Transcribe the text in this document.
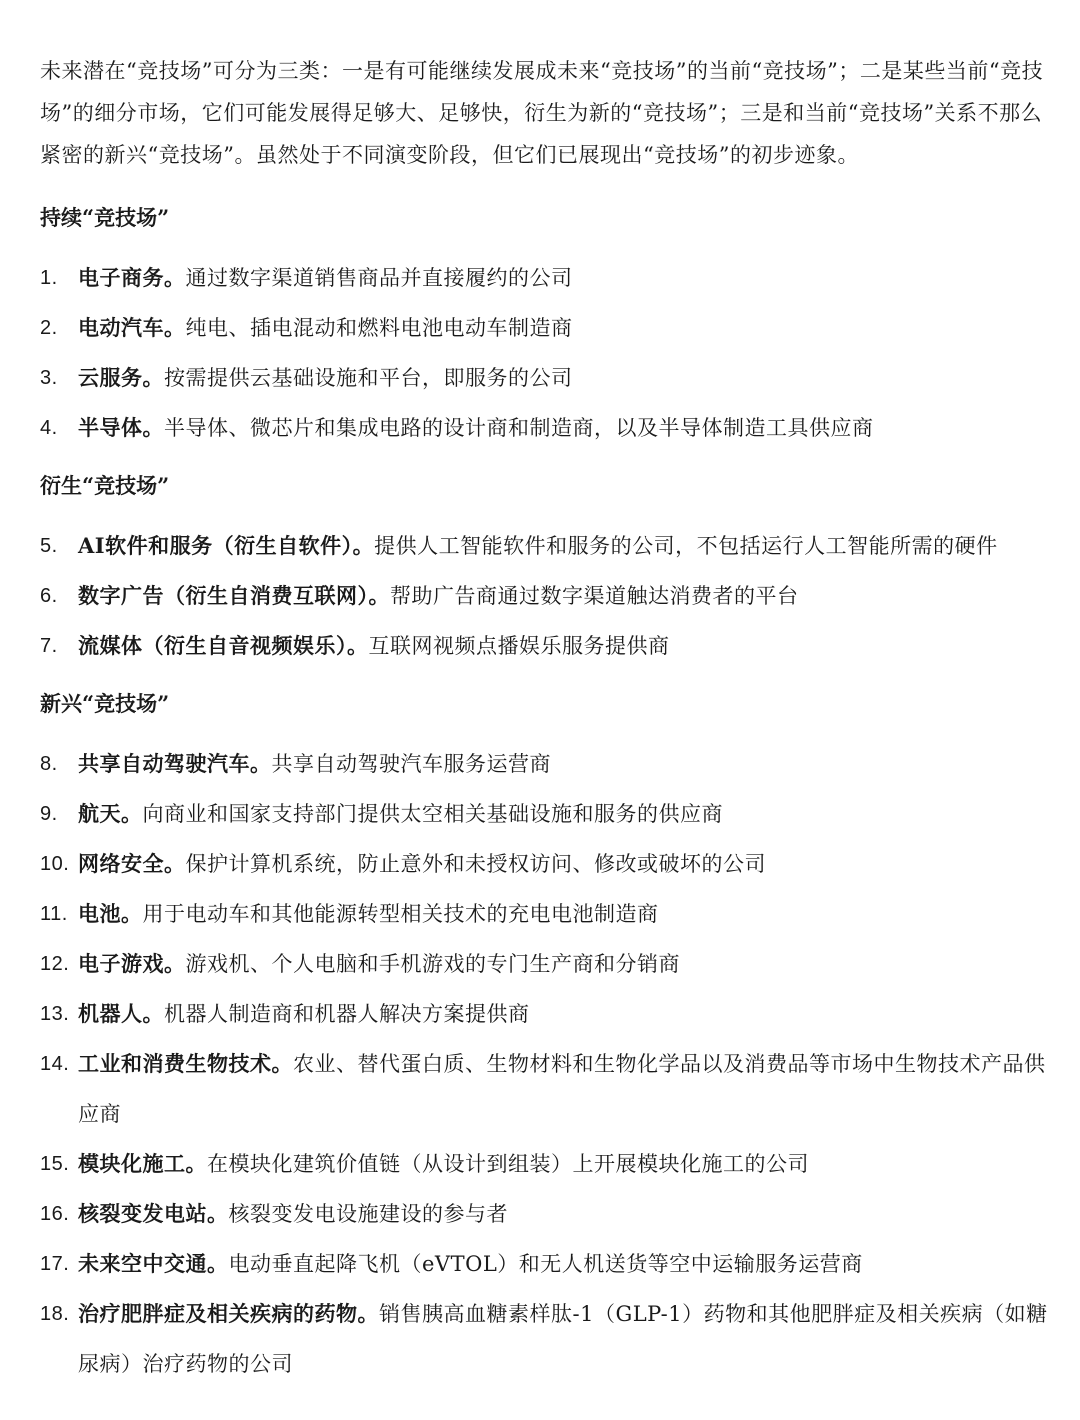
未来潜在“竞技场”可分为三类：一是有可能继续发展成未来“竞技场”的当前“竞技场”；二是某些当前“竞技场”的细分市场，它们可能发展得足够大、足够快，衍生为新的“竞技场”；三是和当前“竞技场”关系不那么紧密的新兴“竞技场”。虽然处于不同演变阶段，但它们已展现出“竞技场”的初步迹象。

持续“竞技场”
1. 电子商务。通过数字渠道销售商品并直接履约的公司
2. 电动汽车。纯电、插电混动和燃料电池电动车制造商
3. 云服务。按需提供云基础设施和平台，即服务的公司
4. 半导体。半导体、微芯片和集成电路的设计商和制造商，以及半导体制造工具供应商
衍生“竞技场”
5. AI软件和服务（衍生自软件）。提供人工智能软件和服务的公司，不包括运行人工智能所需的硬件
6. 数字广告（衍生自消费互联网）。帮助广告商通过数字渠道触达消费者的平台
7. 流媒体（衍生自音视频娱乐）。互联网视频点播娱乐服务提供商
新兴“竞技场”
8. 共享自动驾驶汽车。共享自动驾驶汽车服务运营商
9. 航天。向商业和国家支持部门提供太空相关基础设施和服务的供应商
10. 网络安全。保护计算机系统，防止意外和未授权访问、修改或破坏的公司
11. 电池。用于电动车和其他能源转型相关技术的充电电池制造商
12. 电子游戏。游戏机、个人电脑和手机游戏的专门生产商和分销商
13. 机器人。机器人制造商和机器人解决方案提供商
14. 工业和消费生物技术。农业、替代蛋白质、生物材料和生物化学品以及消费品等市场中生物技术产品供应商
15. 模块化施工。在模块化建筑价值链（从设计到组装）上开展模块化施工的公司
16. 核裂变发电站。核裂变发电设施建设的参与者
17. 未来空中交通。电动垂直起降飞机（eVTOL）和无人机送货等空中运输服务运营商
18. 治疗肥胖症及相关疾病的药物。销售胰高血糖素样肽-1（GLP-1）药物和其他肥胖症及相关疾病（如糖尿病）治疗药物的公司
